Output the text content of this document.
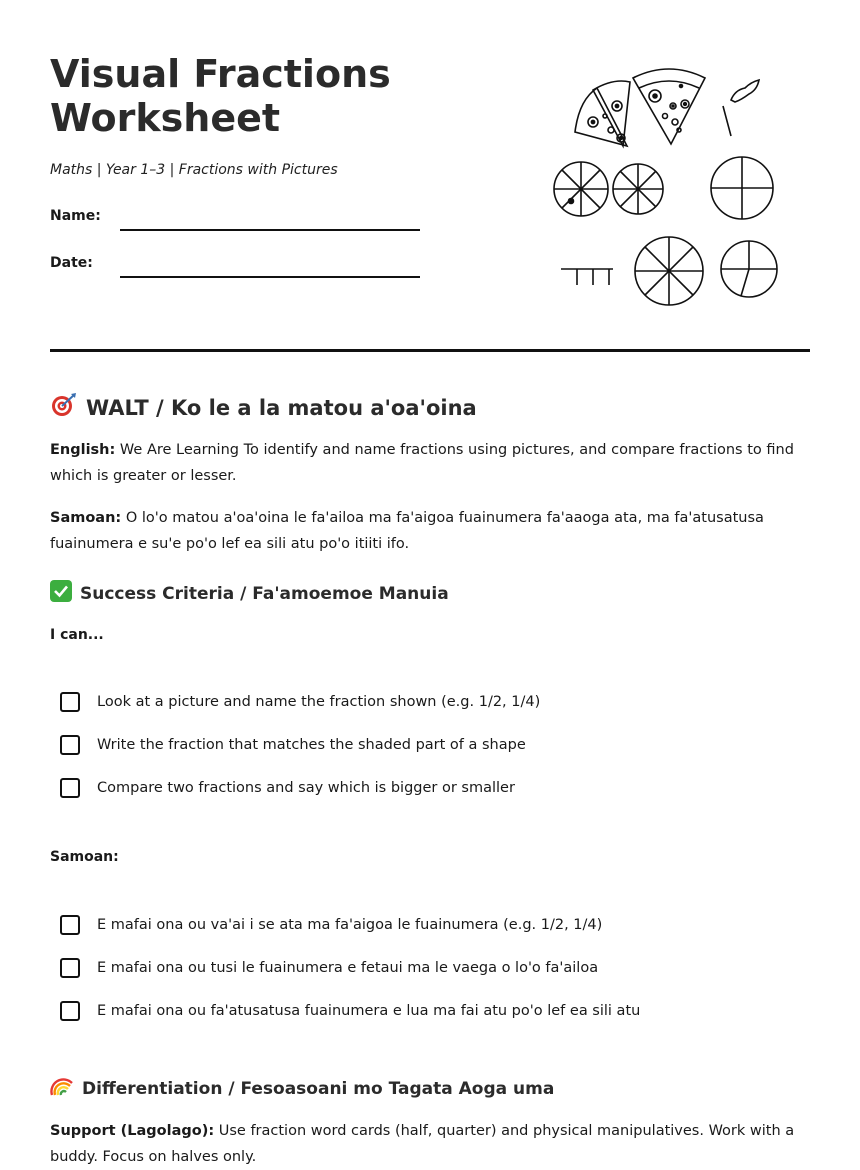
Visual Fractions
Worksheet
Maths | Year 1–3 | Fractions with Pictures
Name:
Date:
WALT / Ko le a la matou a'oa'oina

English: We Are Learning To identify and name fractions using pictures, and compare fractions to find which is greater or lesser.

Samoan: O lo'o matou a'oa'oina le fa'ailoa ma fa'aigoa fuainumera fa'aaoga ata, ma fa'atusatusa fuainumera e su'e po'o lef ea sili atu po'o itiiti ifo.

Success Criteria / Fa'amoemoe Manuia
I can...
Look at a picture and name the fraction shown (e.g. 1/2, 1/4)
Write the fraction that matches the shaded part of a shape
Compare two fractions and say which is bigger or smaller
Samoan:
E mafai ona ou va'ai i se ata ma fa'aigoa le fuainumera (e.g. 1/2, 1/4)
E mafai ona ou tusi le fuainumera e fetaui ma le vaega o lo'o fa'ailoa
E mafai ona ou fa'atusatusa fuainumera e lua ma fai atu po'o lef ea sili atu
Differentiation / Fesoasoani mo Tagata Aoga uma

Support (Lagolago): Use fraction word cards (half, quarter) and physical manipulatives. Work with a buddy. Focus on halves only.
